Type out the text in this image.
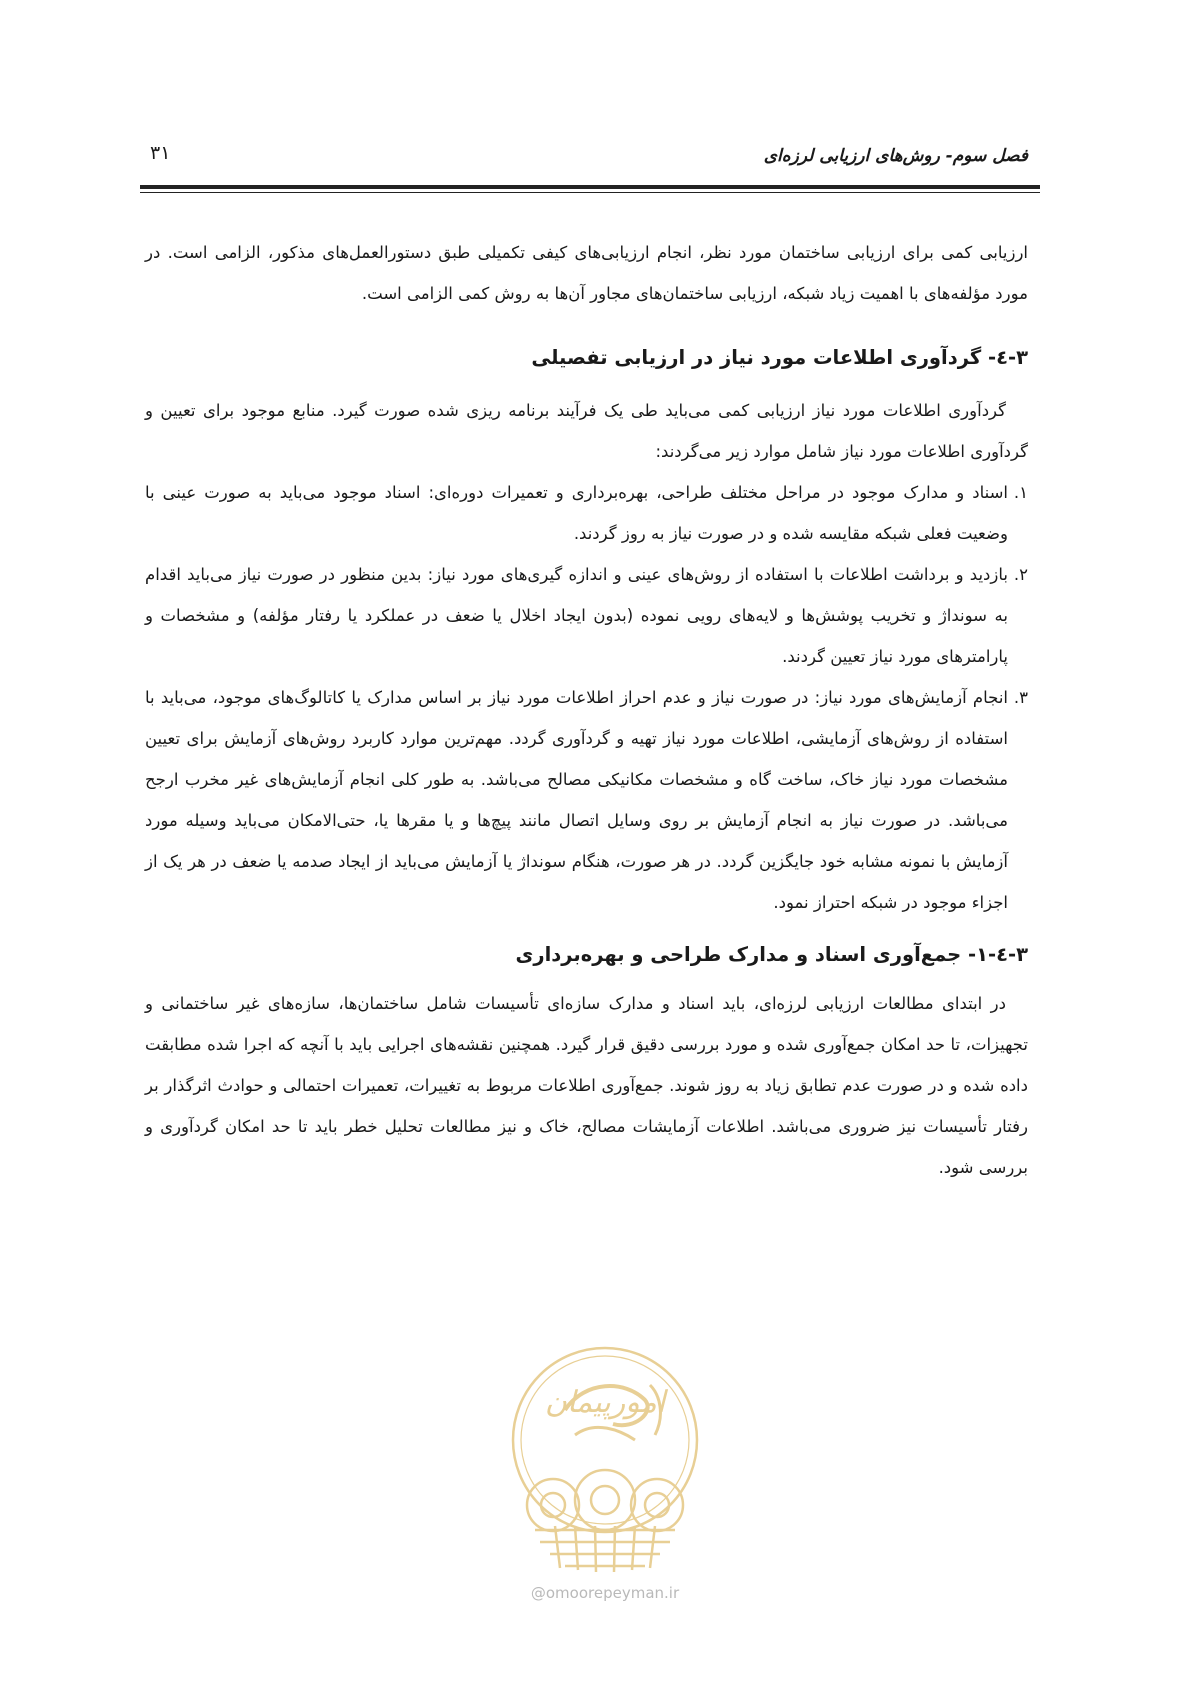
۳۱	فصل سوم- روش‌های ارزیابی لرزه‌ای

ارزیابی کمی برای ارزیابی ساختمان مورد نظر، انجام ارزیابی‌های کیفی تکمیلی طبق دستورالعمل‌های مذکور، الزامی است. در مورد مؤلفه‌های با اهمیت زیاد شبکه، ارزیابی ساختمان‌های مجاور آن‌ها به روش کمی الزامی است.

۳-٤- گردآوری اطلاعات مورد نیاز در ارزیابی تفصیلی

گردآوری اطلاعات مورد نیاز ارزیابی کمی می‌باید طی یک فرآیند برنامه ریزی شده صورت گیرد. منابع موجود برای تعیین و گردآوری اطلاعات مورد نیاز شامل موارد زیر می‌گردند:

۱.
اسناد و مدارک موجود در مراحل مختلف طراحی، بهره‌برداری و تعمیرات دوره‌ای: اسناد موجود می‌باید به صورت عینی با وضعیت فعلی شبکه مقایسه شده و در صورت نیاز به روز گردند.
۲.
بازدید و برداشت اطلاعات با استفاده از روش‌های عینی و اندازه گیری‌های مورد نیاز: بدین منظور در صورت نیاز می‌باید اقدام به سونداژ و تخریب پوشش‌ها و لایه‌های رویی نموده (بدون ایجاد اخلال یا ضعف در عملکرد یا رفتار مؤلفه) و مشخصات و پارامترهای مورد نیاز تعیین گردند.
۳.
انجام آزمایش‌های مورد نیاز: در صورت نیاز و عدم احراز اطلاعات مورد نیاز بر اساس مدارک یا کاتالوگ‌های موجود، می‌باید با استفاده از روش‌های آزمایشی، اطلاعات مورد نیاز تهیه و گردآوری گردد. مهم‌ترین موارد کاربرد روش‌های آزمایش برای تعیین مشخصات مورد نیاز خاک، ساخت گاه و مشخصات مکانیکی مصالح می‌باشد. به طور کلی انجام آزمایش‌های غیر مخرب ارجح می‌باشد. در صورت نیاز به انجام آزمایش بر روی وسایل اتصال مانند پیچ‌ها و یا مقرها یا، حتی‌الامکان می‌باید وسیله مورد آزمایش با نمونه مشابه خود جایگزین گردد. در هر صورت، هنگام سونداژ یا آزمایش می‌باید از ایجاد صدمه یا ضعف در هر یک از اجزاء موجود در شبکه احتراز نمود.
۳-٤-۱- جمع‌آوری اسناد و مدارک طراحی و بهره‌برداری

در ابتدای مطالعات ارزیابی لرزه‌ای، باید اسناد و مدارک سازه‌ای تأسیسات شامل ساختمان‌ها، سازه‌های غیر ساختمانی و تجهیزات، تا حد امکان جمع‌آوری شده و مورد بررسی دقیق قرار گیرد. همچنین نقشه‌های اجرایی باید با آنچه که اجرا شده مطابقت داده شده و در صورت عدم تطابق زیاد به روز شوند. جمع‌آوری اطلاعات مربوط به تغییرات، تعمیرات احتمالی و حوادث اثرگذار بر رفتار تأسیسات نیز ضروری می‌باشد. اطلاعات آزمایشات مصالح، خاک و نیز مطالعات تحلیل خطر باید تا حد امکان گردآوری و بررسی شود.

امورپیمان
@omoorepeyman.ir
